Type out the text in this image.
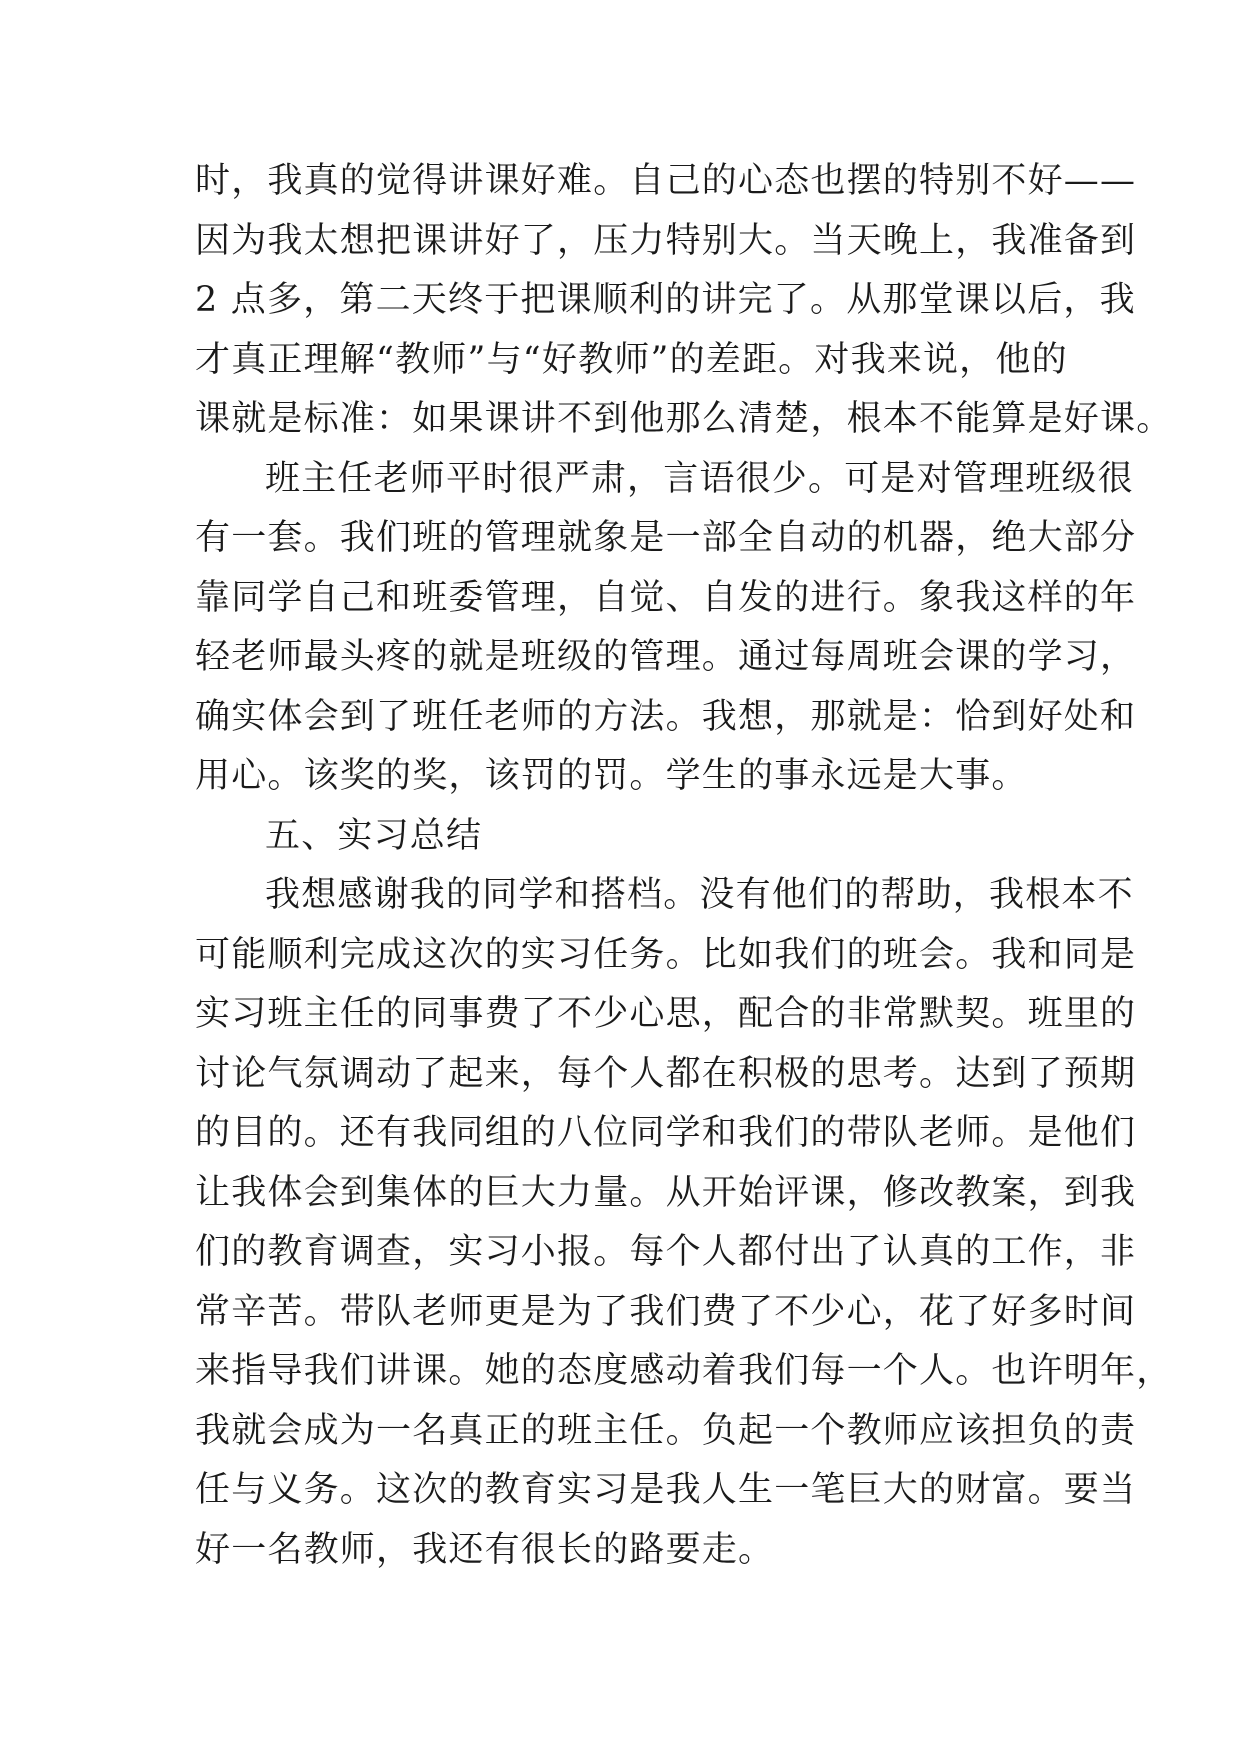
时，我真的觉得讲课好难。自己的心态也摆的特别不好——
因为我太想把课讲好了，压力特别大。当天晚上，我准备到
2 点多，第二天终于把课顺利的讲完了。从那堂课以后，我
才真正理解“教师”与“好教师”的差距。对我来说，他的
课就是标准：如果课讲不到他那么清楚，根本不能算是好课。
班主任老师平时很严肃，言语很少。可是对管理班级很
有一套。我们班的管理就象是一部全自动的机器，绝大部分
靠同学自己和班委管理，自觉、自发的进行。象我这样的年
轻老师最头疼的就是班级的管理。通过每周班会课的学习，
确实体会到了班任老师的方法。我想，那就是：恰到好处和
用心。该奖的奖，该罚的罚。学生的事永远是大事。
五、实习总结
我想感谢我的同学和搭档。没有他们的帮助，我根本不
可能顺利完成这次的实习任务。比如我们的班会。我和同是
实习班主任的同事费了不少心思，配合的非常默契。班里的
讨论气氛调动了起来，每个人都在积极的思考。达到了预期
的目的。还有我同组的八位同学和我们的带队老师。是他们
让我体会到集体的巨大力量。从开始评课，修改教案，到我
们的教育调查，实习小报。每个人都付出了认真的工作，非
常辛苦。带队老师更是为了我们费了不少心，花了好多时间
来指导我们讲课。她的态度感动着我们每一个人。也许明年，
我就会成为一名真正的班主任。负起一个教师应该担负的责
任与义务。这次的教育实习是我人生一笔巨大的财富。要当
好一名教师，我还有很长的路要走。
